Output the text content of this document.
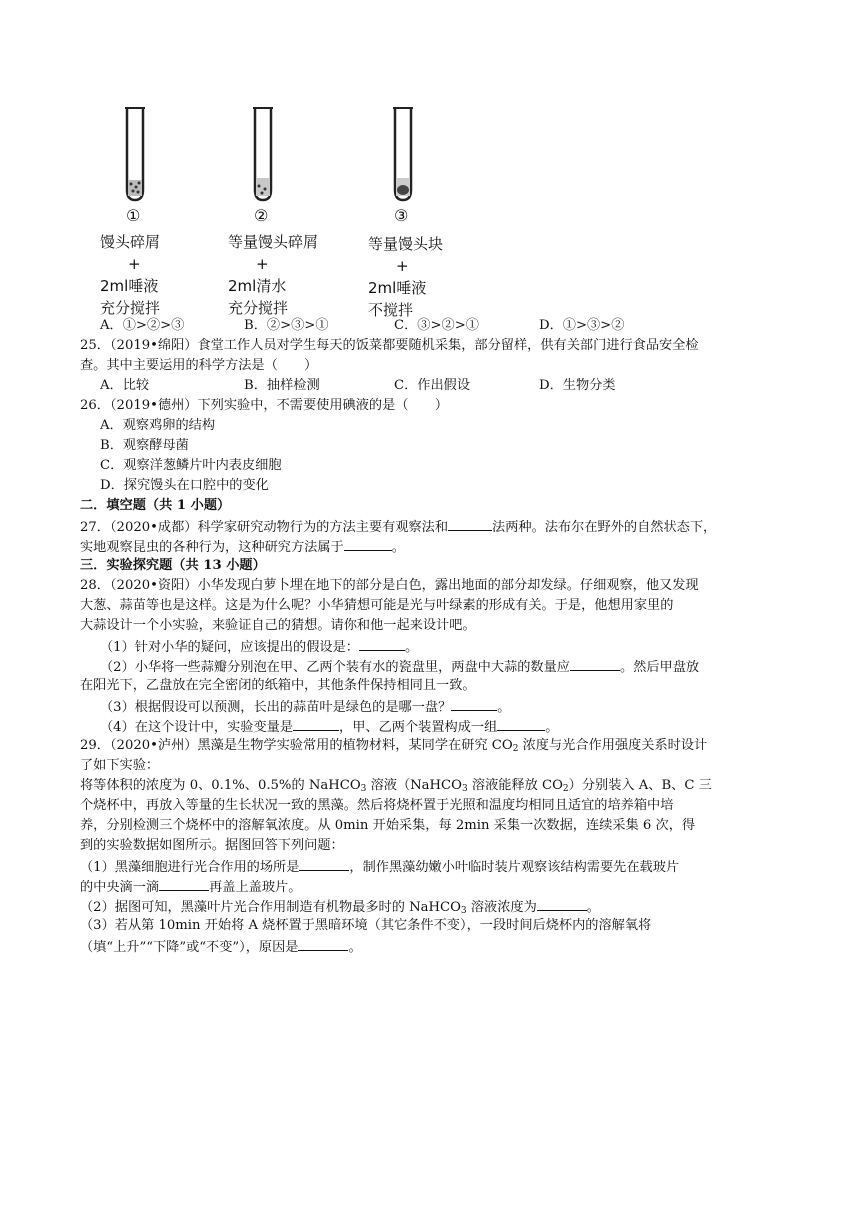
①
馒头碎屑
+
2ml唾液
充分搅拌
②
等量馒头碎屑
+
2ml清水
充分搅拌
③
等量馒头块
+
2ml唾液
不搅拌
A．①>②>③	B．②>③>①	C．③>②>①	D．①>③>②
25．（2019•绵阳）食堂工作人员对学生每天的饭菜都要随机采集，部分留样，供有关部门进行食品安全检
查。其中主要运用的科学方法是（　　）
A．比较	B．抽样检测	C．作出假设	D．生物分类
26．（2019•德州）下列实验中，不需要使用碘液的是（　　）
A．观察鸡卵的结构
B．观察酵母菌
C．观察洋葱鳞片叶内表皮细胞
D．探究馒头在口腔中的变化
二．填空题（共 1 小题）
27．（2020•成都）科学家研究动物行为的方法主要有观察法和	法两种。法布尔在野外的自然状态下，
实地观察昆虫的各种行为，这种研究方法属于	。
三．实验探究题（共 13 小题）
28．（2020•资阳）小华发现白萝卜埋在地下的部分是白色，露出地面的部分却发绿。仔细观察，他又发现
大葱、蒜苗等也是这样。这是为什么呢？小华猜想可能是光与叶绿素的形成有关。于是，他想用家里的
大蒜设计一个小实验，来验证自己的猜想。请你和他一起来设计吧。
（1）针对小华的疑问，应该提出的假设是：	。
（2）小华将一些蒜瓣分别泡在甲、乙两个装有水的瓷盘里，两盘中大蒜的数量应	。然后甲盘放
在阳光下，乙盘放在完全密闭的纸箱中，其他条件保持相同且一致。
（3）根据假设可以预测，长出的蒜苗叶是绿色的是哪一盘？	。
（4）在这个设计中，实验变量是	，甲、乙两个装置构成一组	。
29．（2020•泸州）黑藻是生物学实验常用的植物材料，某同学在研究 $CO_2$ 浓度与光合作用强度关系时设计
了如下实验：
将等体积的浓度为 0、0.1%、0.5%的 NaHCO$_3$ 溶液（NaHCO$_3$ 溶液能释放 $CO_2$）分别装入 A、B、C 三
个烧杯中，再放入等量的生长状况一致的黑藻。然后将烧杯置于光照和温度均相同且适宜的培养箱中培
养，分别检测三个烧杯中的溶解氧浓度。从 0min 开始采集，每 2min 采集一次数据，连续采集 6 次，得
到的实验数据如图所示。据图回答下列问题：
（1）黑藻细胞进行光合作用的场所是	，制作黑藻幼嫩小叶临时装片观察该结构需要先在载玻片
的中央滴一滴	再盖上盖玻片。
（2）据图可知，黑藻叶片光合作用制造有机物最多时的 NaHCO$_3$ 溶液浓度为	。
（3）若从第 10min 开始将 A 烧杯置于黑暗环境（其它条件不变），一段时间后烧杯内的溶解氧将
（填“上升”“下降”或“不变”），原因是	。
